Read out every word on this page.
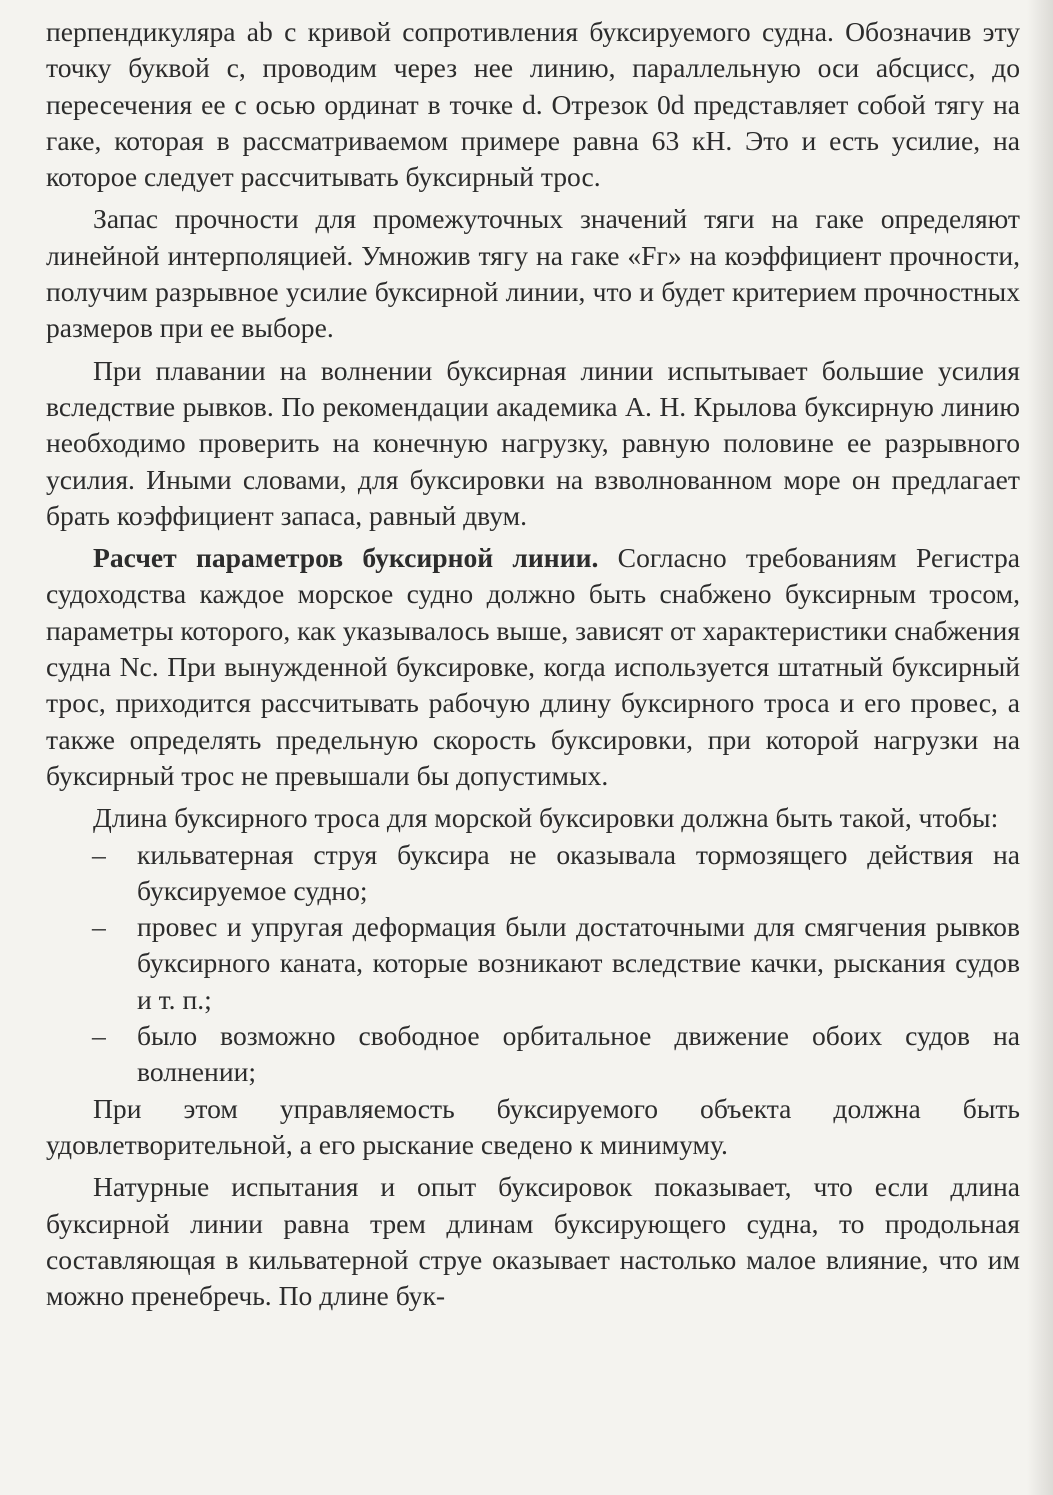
перпендикуляра ab с кривой сопротивления буксируемого судна. Обозначив эту точку буквой c, проводим через нее линию, параллельную оси абсцисс, до пересечения ее с осью ординат в точке d. Отрезок 0d представляет собой тягу на гаке, которая в рассматриваемом примере равна 63 кН. Это и есть усилие, на которое следует рассчитывать буксирный трос.

Запас прочности для промежуточных значений тяги на гаке определяют линейной интерполяцией. Умножив тягу на гаке «Fг» на коэффициент прочности, получим разрывное усилие буксирной линии, что и будет критерием прочностных размеров при ее выборе.

При плавании на волнении буксирная линии испытывает большие усилия вследствие рывков. По рекомендации академика А. Н. Крылова буксирную линию необходимо проверить на конечную нагрузку, равную половине ее разрывного усилия. Иными словами, для буксировки на взволнованном море он предлагает брать коэффициент запаса, равный двум.

Расчет параметров буксирной линии. Согласно требованиям Регистра судоходства каждое морское судно должно быть снабжено буксирным тросом, параметры которого, как указывалось выше, зависят от характеристики снабжения судна Nc. При вынужденной буксировке, когда используется штатный буксирный трос, приходится рассчитывать рабочую длину буксирного троса и его провес, а также определять предельную скорость буксировки, при которой нагрузки на буксирный трос не превышали бы допустимых.

Длина буксирного троса для морской буксировки должна быть такой, чтобы:

– кильватерная струя буксира не оказывала тормозящего действия на буксируемое судно;
– провес и упругая деформация были достаточными для смягчения рывков буксирного каната, которые возникают вследствие качки, рыскания судов и т. п.;
– было возможно свободное орбитальное движение обоих судов на волнении;

При этом управляемость буксируемого объекта должна быть удовлетворительной, а его рыскание сведено к минимуму.

Натурные испытания и опыт буксировок показывает, что если длина буксирной линии равна трем длинам буксирующего судна, то продольная составляющая в кильватерной струе оказывает настолько малое влияние, что им можно пренебречь. По длине бук-
